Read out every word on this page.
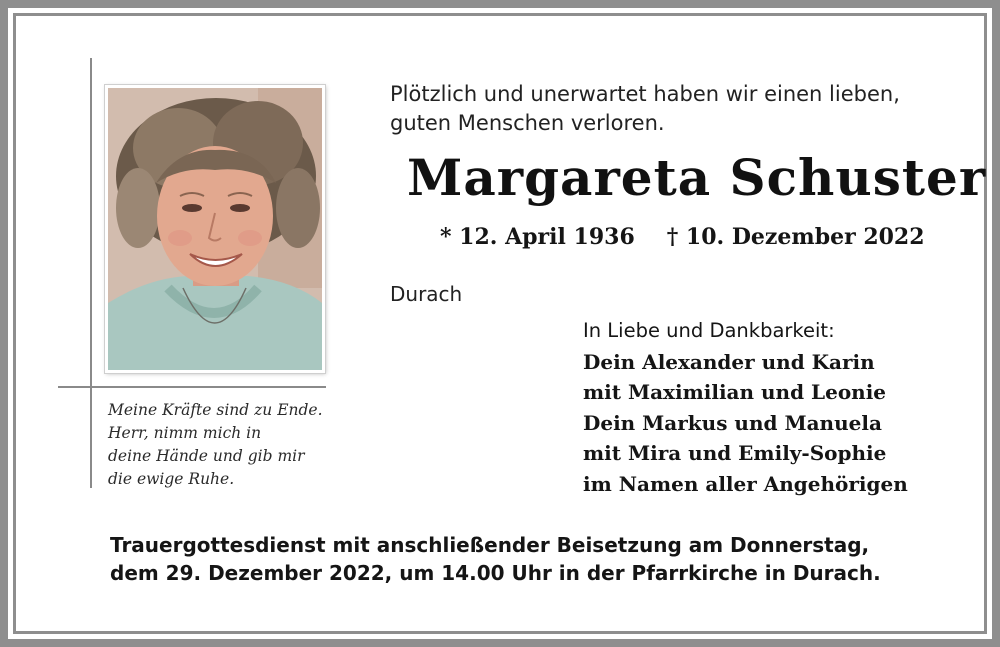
Meine Kräfte sind zu Ende.
Herr, nimm mich in
deine Hände und gib mir
die ewige Ruhe.
Plötzlich und unerwartet haben wir einen lieben,
guten Menschen verloren.
Margareta Schuster
* 12. April 1936 † 10. Dezember 2022
Durach
In Liebe und Dankbarkeit:
Dein Alexander und Karin
mit Maximilian und Leonie
Dein Markus und Manuela
mit Mira und Emily-Sophie
im Namen aller Angehörigen
Trauergottesdienst mit anschließender Beisetzung am Donnerstag,
dem 29. Dezember 2022, um 14.00 Uhr in der Pfarrkirche in Durach.
